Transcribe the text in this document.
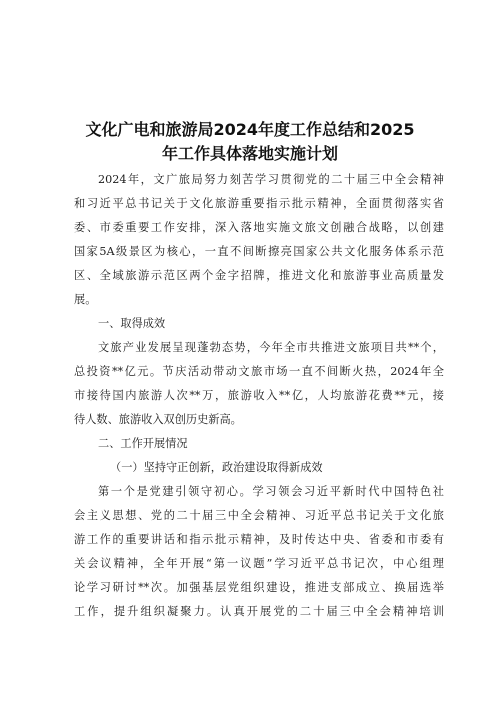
文化广电和旅游局2024年度工作总结和2025
年工作具体落地实施计划
2024年，文广旅局努力刻苦学习贯彻党的二十届三中全会精神
和习近平总书记关于文化旅游重要指示批示精神，全面贯彻落实省
委、市委重要工作安排，深入落地实施文旅文创融合战略，以创建
国家5A级景区为核心，一直不间断擦亮国家公共文化服务体系示范
区、全域旅游示范区两个金字招牌，推进文化和旅游事业高质量发
展。
一、取得成效
文旅产业发展呈现蓬勃态势，今年全市共推进文旅项目共**个，
总投资**亿元。节庆活动带动文旅市场一直不间断火热，2024年全
市接待国内旅游人次**万，旅游收入**亿，人均旅游花费**元，接
待人数、旅游收入双创历史新高。
二、工作开展情况
（一）坚持守正创新，政治建设取得新成效
第一个是党建引领守初心。学习领会习近平新时代中国特色社
会主义思想、党的二十届三中全会精神、习近平总书记关于文化旅
游工作的重要讲话和指示批示精神，及时传达中央、省委和市委有
关会议精神，全年开展“第一议题”学习近平总书记次，中心组理
论学习研讨**次。加强基层党组织建设，推进支部成立、换届选举
工作，提升组织凝聚力。认真开展党的二十届三中全会精神培训
